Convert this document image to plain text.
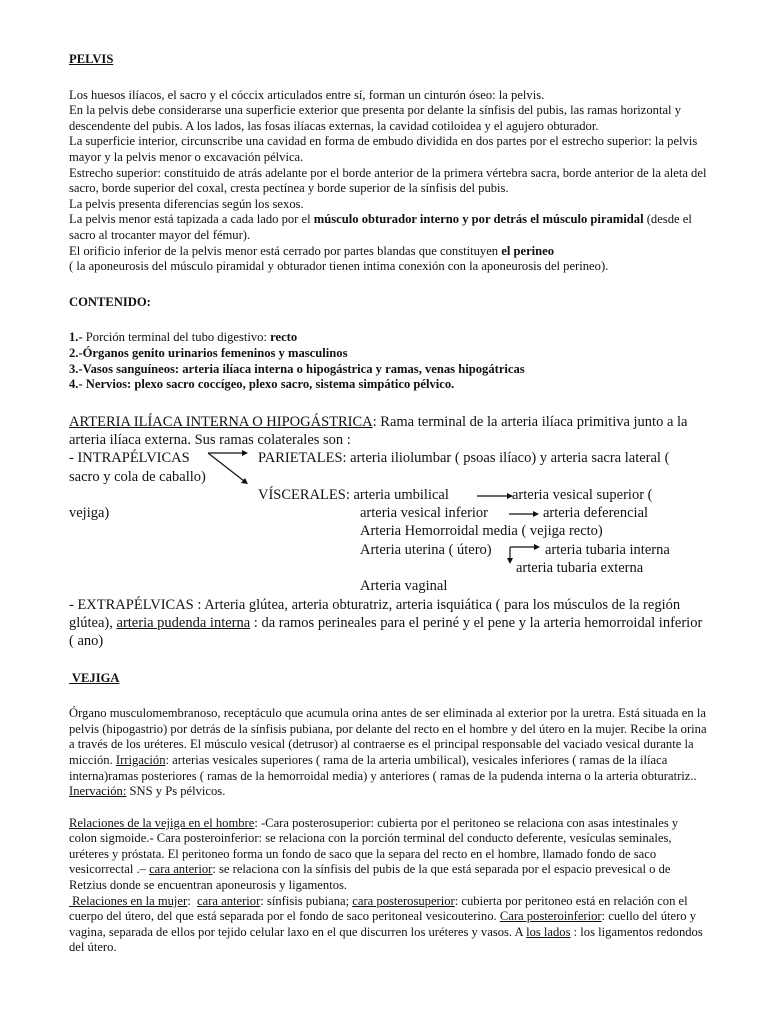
PELVIS

Los huesos ilíacos, el sacro y el cóccix articulados entre sí, forman un cinturón óseo: la pelvis.

En la pelvis debe considerarse una superficie exterior que presenta por delante la sínfisis del pubis, las ramas horizontal y descendente del pubis. A los lados, las fosas ilíacas externas, la cavidad cotiloidea y el agujero obturador.

La superficie interior, circunscribe una cavidad en forma de embudo dividida en dos partes por el estrecho superior: la pelvis mayor y la pelvis menor o excavación pélvica.

Estrecho superior: constituido de atrás adelante por el borde anterior de la primera vértebra sacra, borde anterior de la aleta del sacro, borde superior del coxal, cresta pectínea y borde superior de la sínfisis del pubis.

La pelvis presenta diferencias según los sexos.

La pelvis menor está tapizada a cada lado por el músculo obturador interno y por detrás el músculo piramidal (desde el sacro al trocanter mayor del fémur).

El orificio inferior de la pelvis menor está cerrado por partes blandas que constituyen el perineo

( la aponeurosis del músculo piramidal y obturador tienen intima conexión con la aponeurosis del perineo).

CONTENIDO:

1.- Porción terminal del tubo digestivo: recto

2.-Órganos genito urinarios femeninos y masculinos

3.-Vasos sanguíneos: arteria ilíaca interna o hipogástrica y ramas, venas hipogátricas

4.- Nervios: plexo sacro coccígeo, plexo sacro, sistema simpático pélvico.

ARTERIA ILÍACA INTERNA O HIPOGÁSTRICA: Rama terminal de la arteria ilíaca primitiva junto a la arteria ilíaca externa. Sus ramas colaterales son :

- INTRAPÉLVICAS	PARIETALES: arteria iliolumbar ( psoas ilíaco) y arteria sacra lateral (
sacro y cola de caballo)
VÍSCERALES: arteria umbilical	arteria vesical superior (
vejiga)	arteria vesical inferior	arteria deferencial
Arteria Hemorroidal media ( vejiga recto)
Arteria uterina ( útero)	arteria tubaria interna
arteria tubaria externa
Arteria vaginal

- EXTRAPÉLVICAS : Arteria glútea, arteria obturatriz, arteria isquiática ( para los músculos de la región glútea), arteria pudenda interna : da ramos perineales para el periné y el pene y la arteria hemorroidal inferior ( ano)

VEJIGA

Órgano musculomembranoso, receptáculo que acumula orina antes de ser eliminada al exterior por la uretra. Está situada en la pelvis (hipogastrio) por detrás de la sínfisis pubiana, por delante del recto en el hombre y del útero en la mujer. Recibe la orina a través de los uréteres. El músculo vesical (detrusor) al contraerse es el principal responsable del vaciado vesical durante la micción. Irrigación: arterias vesicales superiores ( rama de la arteria umbilical), vesicales inferiores ( ramas de la ilíaca interna)ramas posteriores ( ramas de la hemorroidal media) y anteriores ( ramas de la pudenda interna o la arteria obturatriz.. Inervación: SNS y Ps pélvicos.

Relaciones de la vejiga en el hombre: -Cara posterosuperior: cubierta por el peritoneo se relaciona con asas intestinales y colon sigmoide.- Cara posteroinferior: se relaciona con la porción terminal del conducto deferente, vesículas seminales, uréteres y próstata. El peritoneo forma un fondo de saco que la separa del recto en el hombre, llamado fondo de saco vesicorrectal .– cara anterior: se relaciona con la sínfisis del pubis de la que está separada por el espacio prevesical o de Retzius donde se encuentran aponeurosis y ligamentos.

Relaciones en la mujer:  cara anterior: sínfisis pubiana; cara posterosuperior: cubierta por peritoneo está en relación con el cuerpo del útero, del que está separada por el fondo de saco peritoneal vesicouterino. Cara posteroinferior: cuello del útero y vagina, separada de ellos por tejido celular laxo en el que discurren los uréteres y vasos. A los lados : los ligamentos redondos del útero.
